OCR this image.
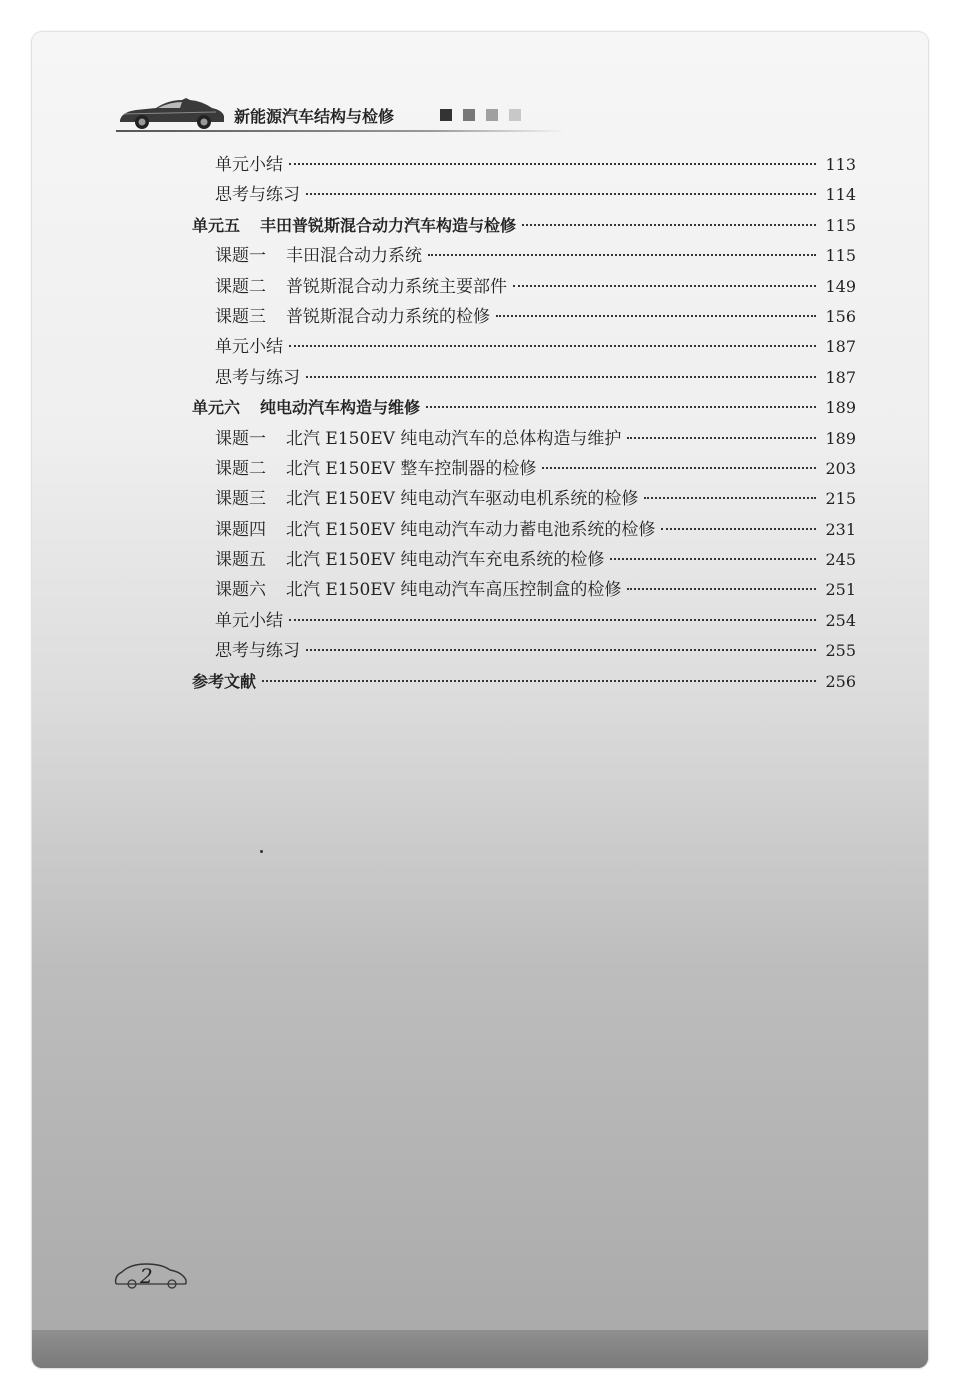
新能源汽车结构与检修
单元小结	113
思考与练习	114
单元五 丰田普锐斯混合动力汽车构造与检修	115
课题一 丰田混合动力系统	115
课题二 普锐斯混合动力系统主要部件	149
课题三 普锐斯混合动力系统的检修	156
单元小结	187
思考与练习	187
单元六 纯电动汽车构造与维修	189
课题一 北汽 E150EV 纯电动汽车的总体构造与维护	189
课题二 北汽 E150EV 整车控制器的检修	203
课题三 北汽 E150EV 纯电动汽车驱动电机系统的检修	215
课题四 北汽 E150EV 纯电动汽车动力蓄电池系统的检修	231
课题五 北汽 E150EV 纯电动汽车充电系统的检修	245
课题六 北汽 E150EV 纯电动汽车高压控制盒的检修	251
单元小结	254
思考与练习	255
参考文献	256
2
